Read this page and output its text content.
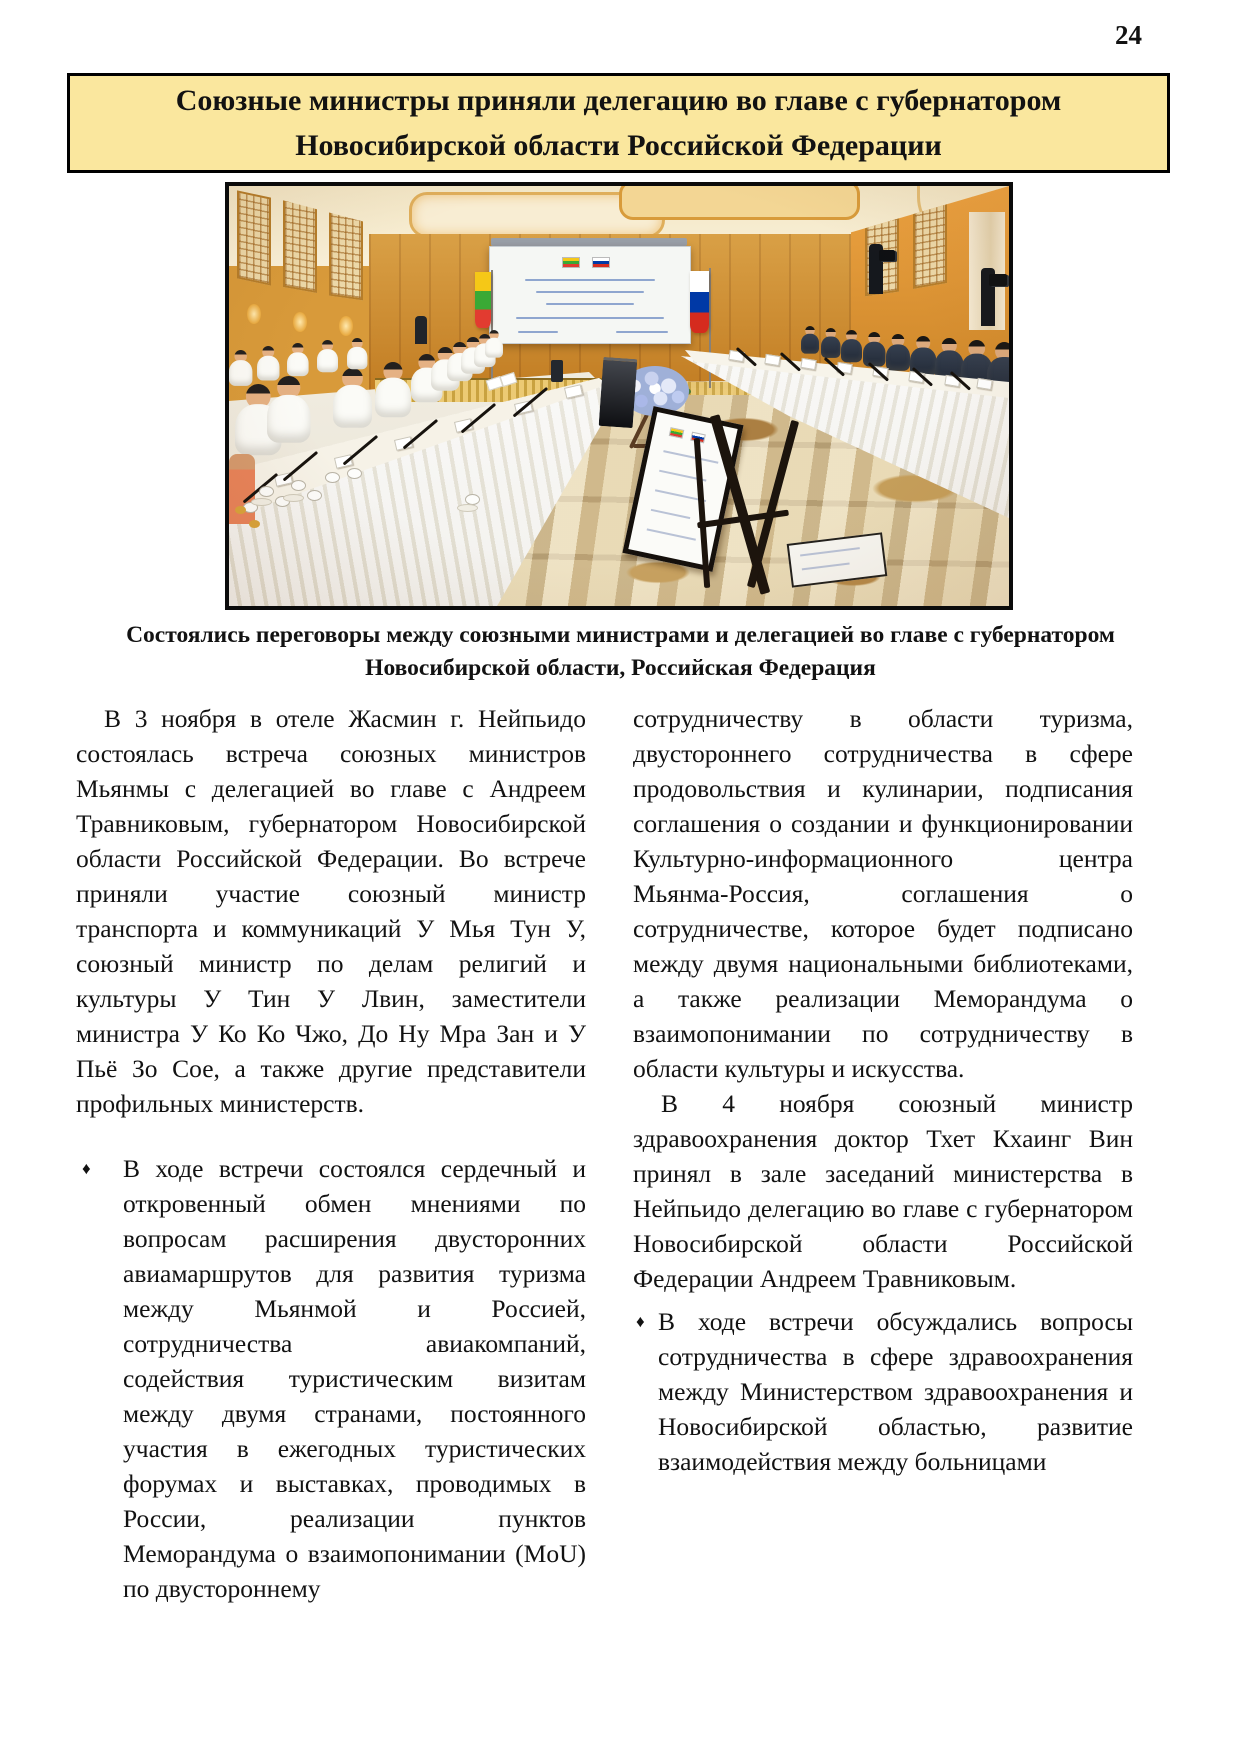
24
Союзные министры приняли делегацию во главе с губернатором Новосибирской области Российской Федерации
Состоялись переговоры между союзными министрами и делегацией во главе с губернатором Новосибирской области, Российская Федерация

В 3 ноября в отеле Жасмин г. Нейпьидо состоялась встреча союзных министров Мьянмы с делегацией во главе с Андреем Травниковым, губернатором Новосибирской области Российской Федерации. Во встрече приняли участие союзный министр транспорта и коммуникаций У Мья Тун У, союзный министр по делам религий и культуры У Тин У Лвин, заместители министра У Ко Ко Чжо, До Ну Мра Зан и У Пьё Зо Сое, а также другие представители профильных министерств.

♦	В ходе встречи состоялся сердечный и откровенный обмен мнениями по вопросам расширения двусторонних авиамаршрутов для развития туризма между Мьянмой и Россией, сотрудничества авиакомпаний, содействия туристическим визитам между двумя странами, постоянного участия в ежегодных туристических форумах и выставках, проводимых в России, реализации пунктов Меморандума о взаимопонимании (MoU) по двустороннему

сотрудничеству в области туризма, двустороннего сотрудничества в сфере продовольствия и кулинарии, подписания соглашения о создании и функционировании Культурно-информационного центра Мьянма-Россия, соглашения о сотрудничестве, которое будет подписано между двумя национальными библиотеками, а также реализации Меморандума о взаимопонимании по сотрудничеству в области культуры и искусства.

В 4 ноября союзный министр здравоохранения доктор Тхет Кхаинг Вин принял в зале заседаний министерства в Нейпьидо делегацию во главе с губернатором Новосибирской области Российской Федерации Андреем Травниковым.

♦ В ходе встречи обсуждались вопросы сотрудничества в сфере здравоохранения между Министерством здравоохранения и Новосибирской областью, развитие взаимодействия между больницами
